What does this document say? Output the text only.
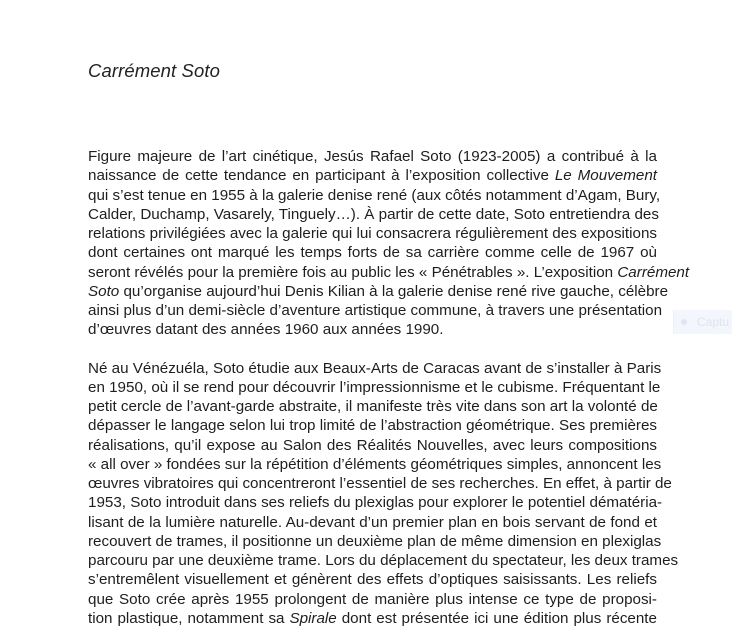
Carrément Soto

Figure majeure de l’art cinétique, Jesús Rafael Soto (1923-2005) a contribué à la
naissance de cette tendance en participant à l’exposition collective Le Mouvement
qui s’est tenue en 1955 à la galerie denise rené (aux côtés notamment d’Agam, Bury,
Calder, Duchamp, Vasarely, Tinguely…). À partir de cette date, Soto entretiendra des
relations privilégiées avec la galerie qui lui consacrera régulièrement des expositions
dont certaines ont marqué les temps forts de sa carrière comme celle de 1967 où
seront révélés pour la première fois au public les « Pénétrables ». L’exposition Carrément
Soto qu’organise aujourd’hui Denis Kilian à la galerie denise rené rive gauche, célèbre
ainsi plus d’un demi-siècle d’aventure artistique commune, à travers une présentation
d’œuvres datant des années 1960 aux années 1990.

Né au Vénézuéla, Soto étudie aux Beaux-Arts de Caracas avant de s’installer à Paris
en 1950, où il se rend pour découvrir l’impressionnisme et le cubisme. Fréquentant le
petit cercle de l’avant-garde abstraite, il manifeste très vite dans son art la volonté de
dépasser le langage selon lui trop limité de l’abstraction géométrique. Ses premières
réalisations, qu’il expose au Salon des Réalités Nouvelles, avec leurs compositions
« all over » fondées sur la répétition d’éléments géométriques simples, annoncent les
œuvres vibratoires qui concentreront l’essentiel de ses recherches. En effet, à partir de
1953, Soto introduit dans ses reliefs du plexiglas pour explorer le potentiel dématéria-
lisant de la lumière naturelle. Au-devant d’un premier plan en bois servant de fond et
recouvert de trames, il positionne un deuxième plan de même dimension en plexiglas
parcouru par une deuxième trame. Lors du déplacement du spectateur, les deux trames
s’entremêlent visuellement et génèrent des effets d’optiques saisissants. Les reliefs
que Soto crée après 1955 prolongent de manière plus intense ce type de proposi-
tion plastique, notamment sa Spirale dont est présentée ici une édition plus récente

Captu
